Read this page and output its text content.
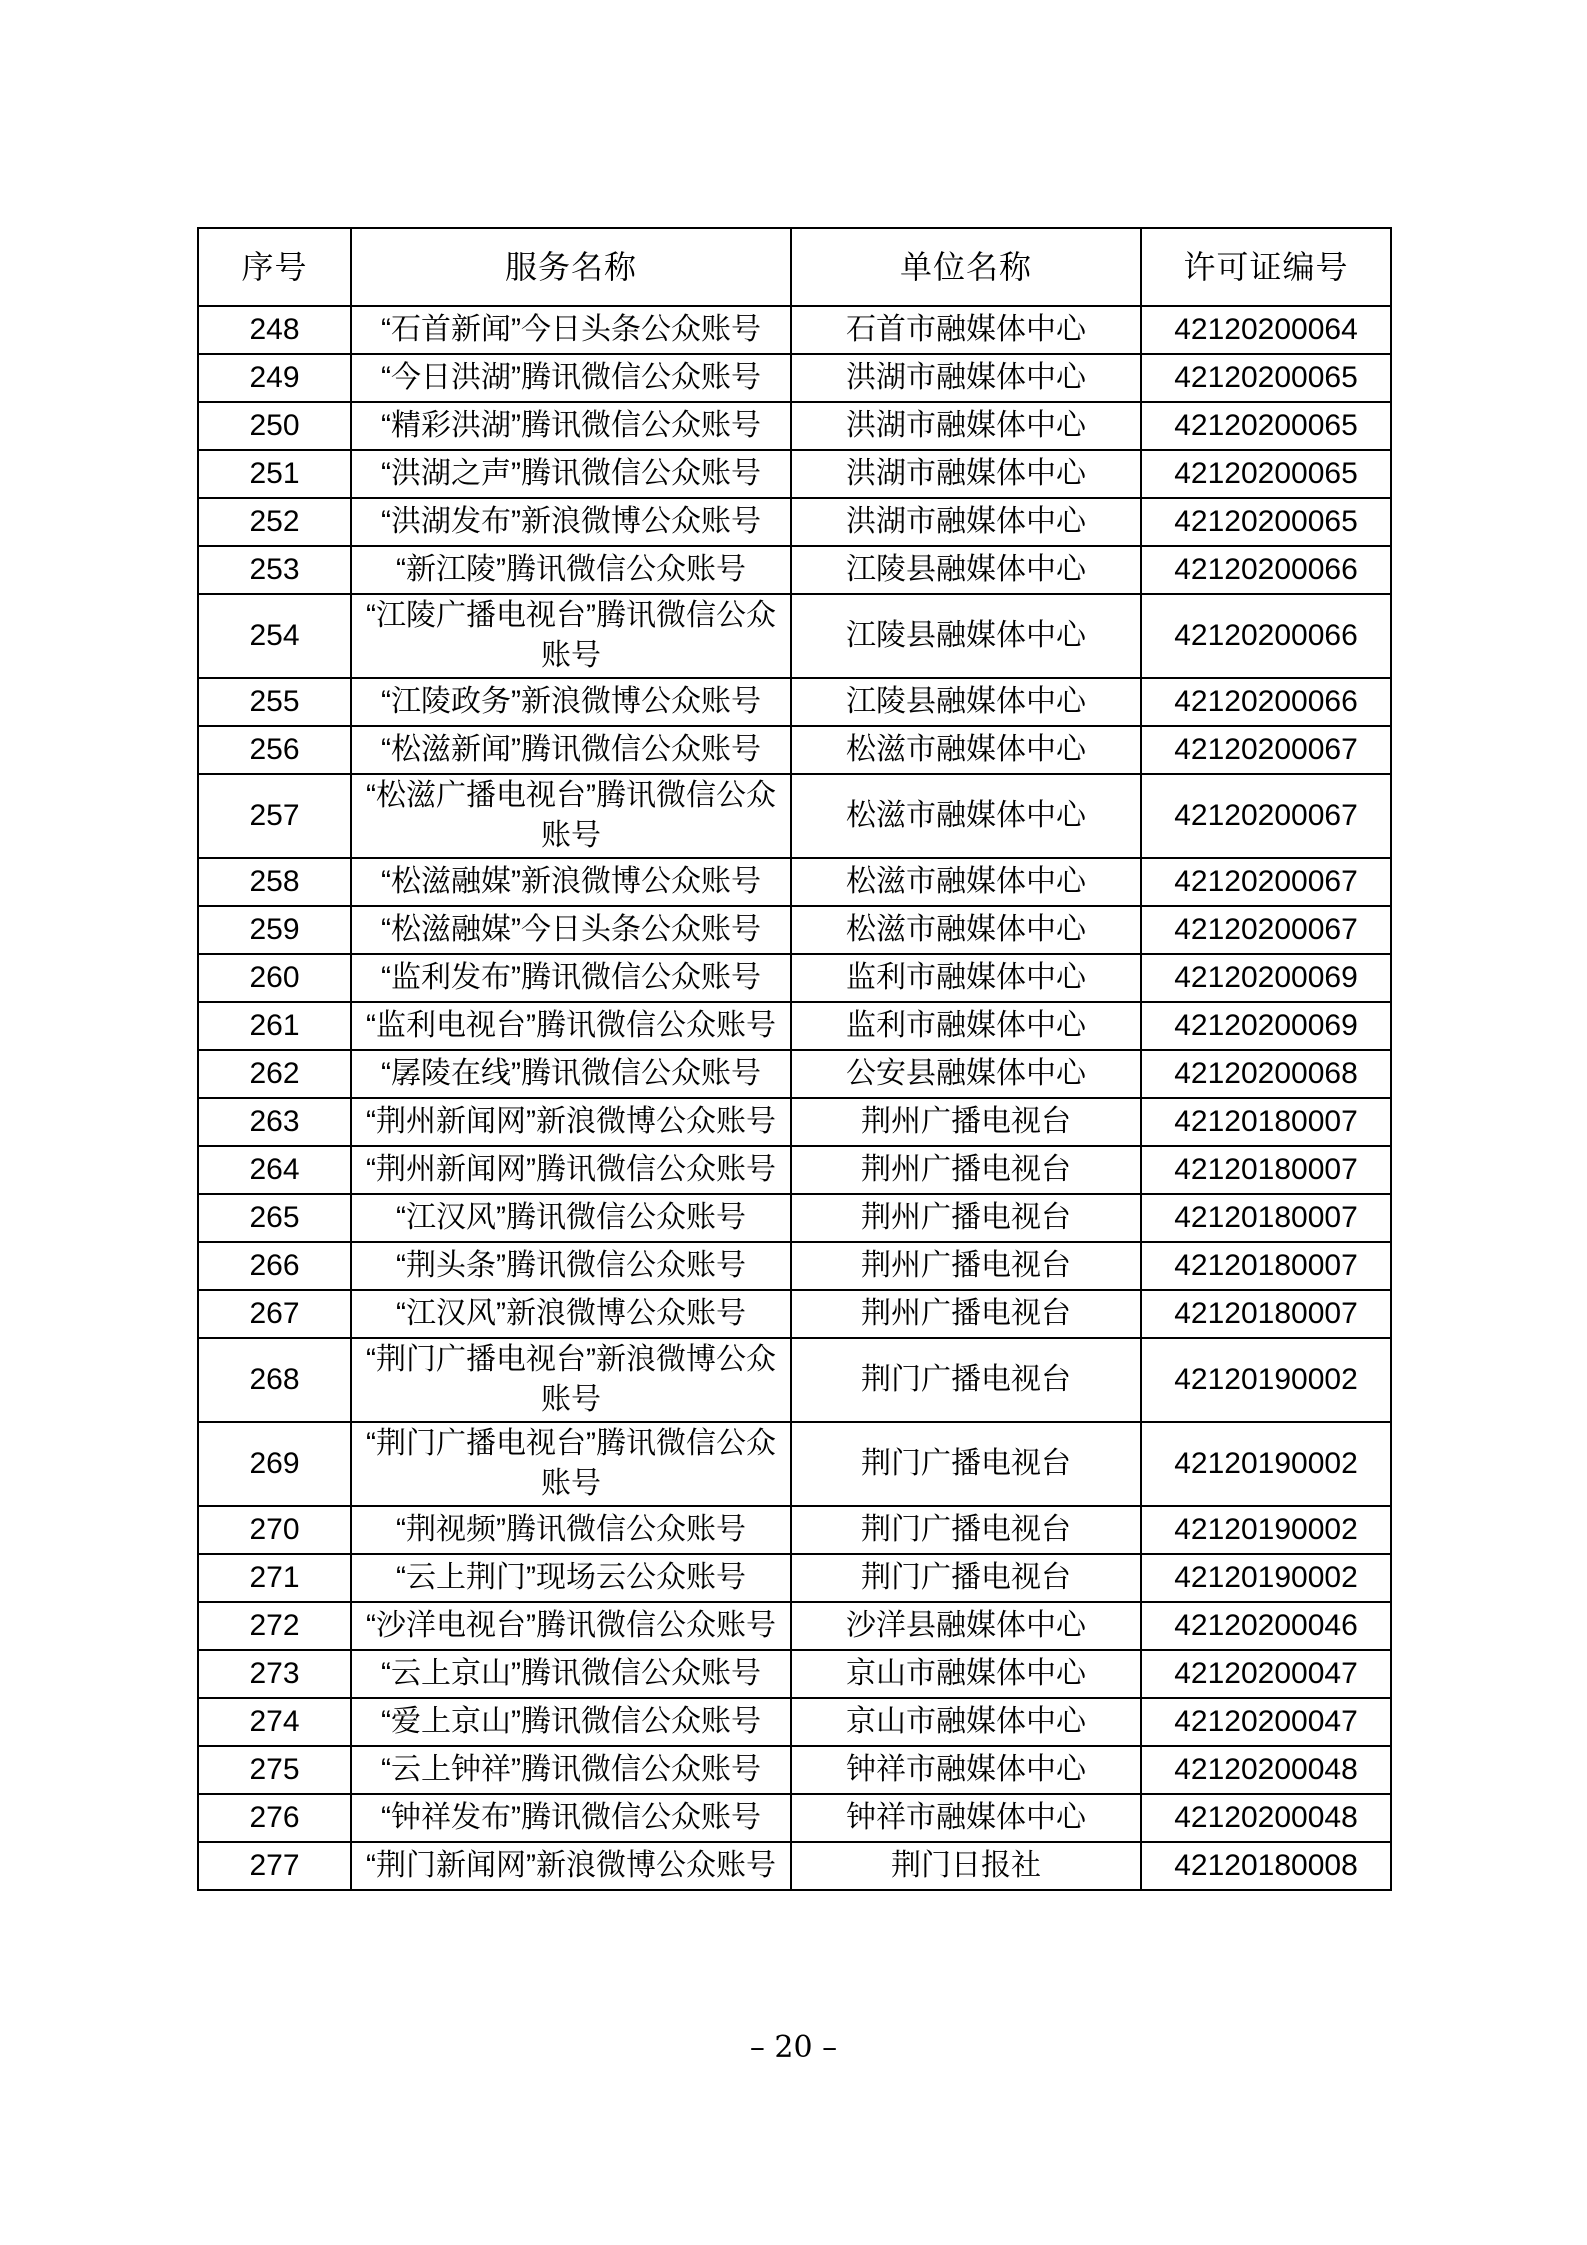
序号	服务名称	单位名称	许可证编号
248	“石首新闻”今日头条公众账号	石首市融媒体中心	42120200064
249	“今日洪湖”腾讯微信公众账号	洪湖市融媒体中心	42120200065
250	“精彩洪湖”腾讯微信公众账号	洪湖市融媒体中心	42120200065
251	“洪湖之声”腾讯微信公众账号	洪湖市融媒体中心	42120200065
252	“洪湖发布”新浪微博公众账号	洪湖市融媒体中心	42120200065
253	“新江陵”腾讯微信公众账号	江陵县融媒体中心	42120200066
254	“江陵广播电视台”腾讯微信公众账号	江陵县融媒体中心	42120200066
255	“江陵政务”新浪微博公众账号	江陵县融媒体中心	42120200066
256	“松滋新闻”腾讯微信公众账号	松滋市融媒体中心	42120200067
257	“松滋广播电视台”腾讯微信公众账号	松滋市融媒体中心	42120200067
258	“松滋融媒”新浪微博公众账号	松滋市融媒体中心	42120200067
259	“松滋融媒”今日头条公众账号	松滋市融媒体中心	42120200067
260	“监利发布”腾讯微信公众账号	监利市融媒体中心	42120200069
261	“监利电视台”腾讯微信公众账号	监利市融媒体中心	42120200069
262	“孱陵在线”腾讯微信公众账号	公安县融媒体中心	42120200068
263	“荆州新闻网”新浪微博公众账号	荆州广播电视台	42120180007
264	“荆州新闻网”腾讯微信公众账号	荆州广播电视台	42120180007
265	“江汉风”腾讯微信公众账号	荆州广播电视台	42120180007
266	“荆头条”腾讯微信公众账号	荆州广播电视台	42120180007
267	“江汉风”新浪微博公众账号	荆州广播电视台	42120180007
268	“荆门广播电视台”新浪微博公众账号	荆门广播电视台	42120190002
269	“荆门广播电视台”腾讯微信公众账号	荆门广播电视台	42120190002
270	“荆视频”腾讯微信公众账号	荆门广播电视台	42120190002
271	“云上荆门”现场云公众账号	荆门广播电视台	42120190002
272	“沙洋电视台”腾讯微信公众账号	沙洋县融媒体中心	42120200046
273	“云上京山”腾讯微信公众账号	京山市融媒体中心	42120200047
274	“爱上京山”腾讯微信公众账号	京山市融媒体中心	42120200047
275	“云上钟祥”腾讯微信公众账号	钟祥市融媒体中心	42120200048
276	“钟祥发布”腾讯微信公众账号	钟祥市融媒体中心	42120200048
277	“荆门新闻网”新浪微博公众账号	荆门日报社	42120180008
– 20 –
